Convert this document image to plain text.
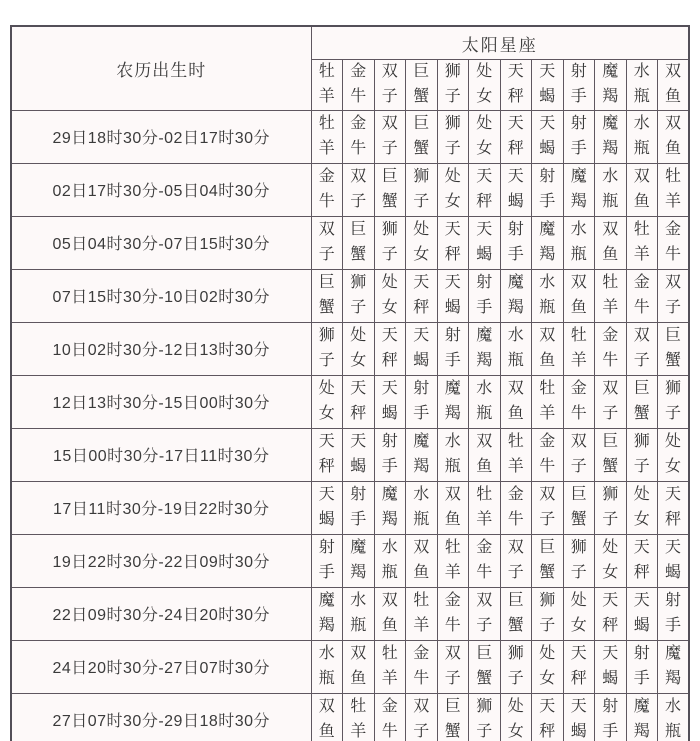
农历出生时	太阳星座											
	牡羊	金牛	双子	巨蟹	狮子	处女	天秤	天蝎	射手	魔羯	水瓶	双鱼
29日18时30分-02日17时30分	牡羊	金牛	双子	巨蟹	狮子	处女	天秤	天蝎	射手	魔羯	水瓶	双鱼
02日17时30分-05日04时30分	金牛	双子	巨蟹	狮子	处女	天秤	天蝎	射手	魔羯	水瓶	双鱼	牡羊
05日04时30分-07日15时30分	双子	巨蟹	狮子	处女	天秤	天蝎	射手	魔羯	水瓶	双鱼	牡羊	金牛
07日15时30分-10日02时30分	巨蟹	狮子	处女	天秤	天蝎	射手	魔羯	水瓶	双鱼	牡羊	金牛	双子
10日02时30分-12日13时30分	狮子	处女	天秤	天蝎	射手	魔羯	水瓶	双鱼	牡羊	金牛	双子	巨蟹
12日13时30分-15日00时30分	处女	天秤	天蝎	射手	魔羯	水瓶	双鱼	牡羊	金牛	双子	巨蟹	狮子
15日00时30分-17日11时30分	天秤	天蝎	射手	魔羯	水瓶	双鱼	牡羊	金牛	双子	巨蟹	狮子	处女
17日11时30分-19日22时30分	天蝎	射手	魔羯	水瓶	双鱼	牡羊	金牛	双子	巨蟹	狮子	处女	天秤
19日22时30分-22日09时30分	射手	魔羯	水瓶	双鱼	牡羊	金牛	双子	巨蟹	狮子	处女	天秤	天蝎
22日09时30分-24日20时30分	魔羯	水瓶	双鱼	牡羊	金牛	双子	巨蟹	狮子	处女	天秤	天蝎	射手
24日20时30分-27日07时30分	水瓶	双鱼	牡羊	金牛	双子	巨蟹	狮子	处女	天秤	天蝎	射手	魔羯
27日07时30分-29日18时30分	双鱼	牡羊	金牛	双子	巨蟹	狮子	处女	天秤	天蝎	射手	魔羯	水瓶
